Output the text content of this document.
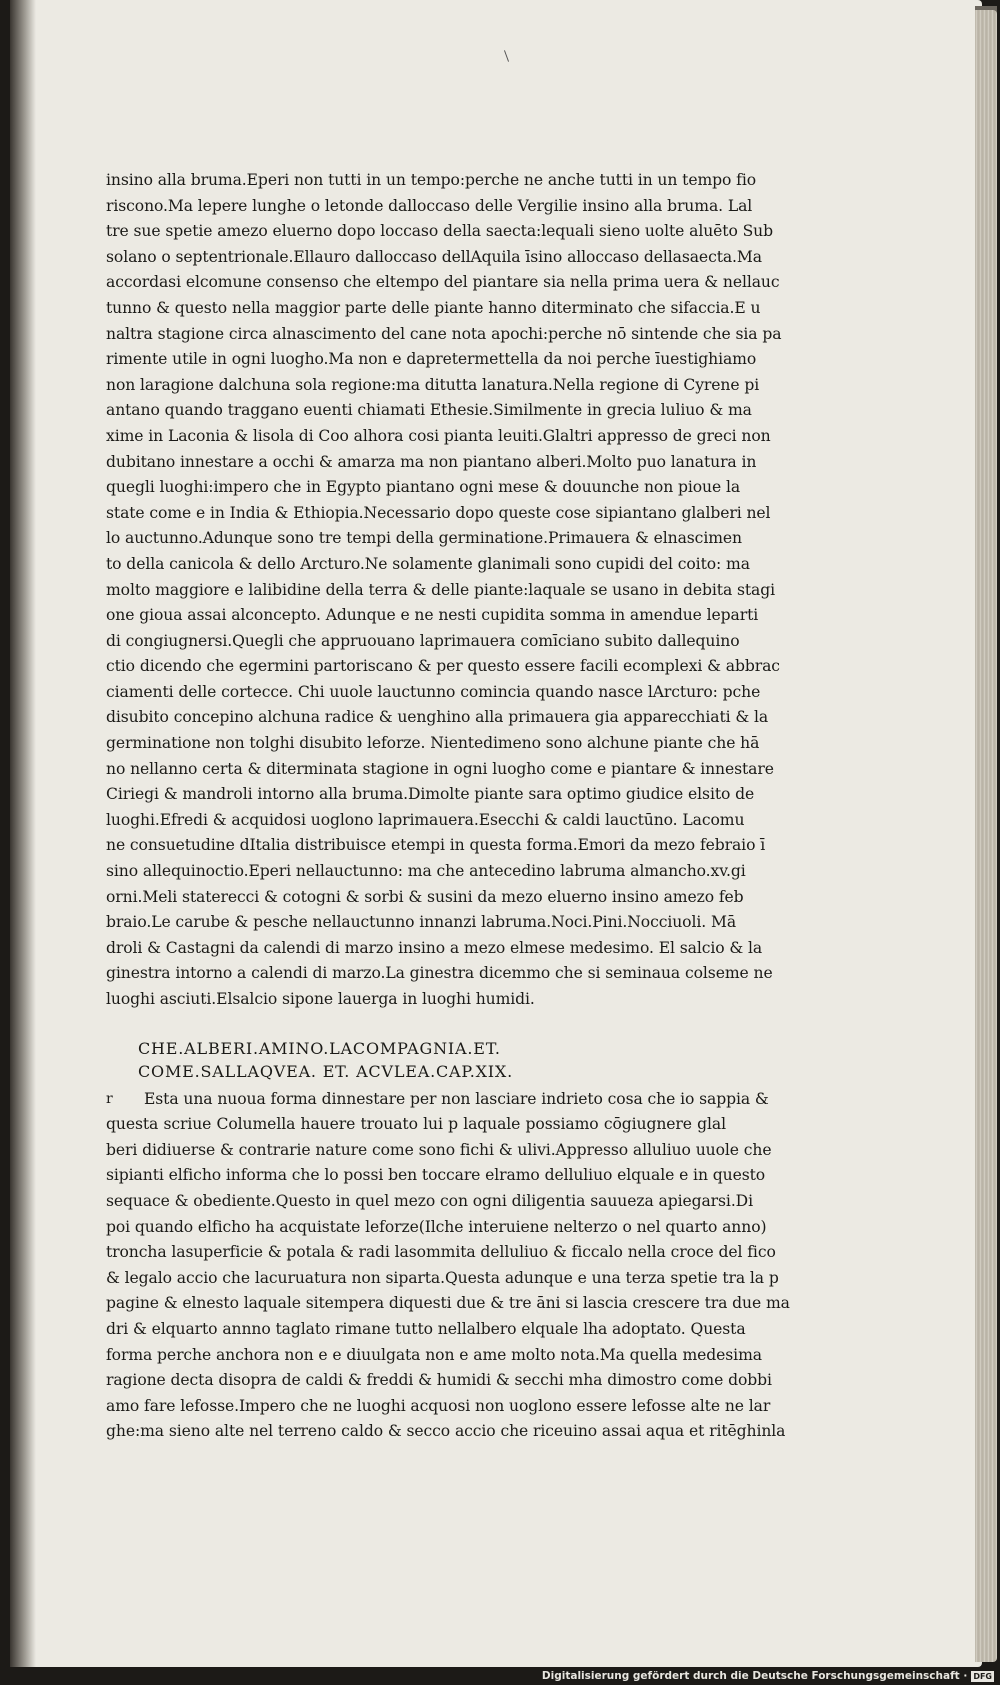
insino alla bruma.Eperi non tutti in un tempo:perche ne anche tutti in un tempo fio
riscono.Ma lepere lunghe o letonde dalloccaso delle Vergilie insino alla bruma. Lal
tre sue spetie amezo eluerno dopo loccaso della saecta:lequali sieno uolte aluēto Sub
solano o septentrionale.Ellauro dalloccaso dellAquila īsino alloccaso dellasaecta.Ma
accordasi elcomune consenso che eltempo del piantare sia nella prima uera & nellauc
tunno & questo nella maggior parte delle piante hanno diterminato che sifaccia.E u
naltra stagione circa alnascimento del cane nota apochi:perche nō sintende che sia pa
rimente utile in ogni luogho.Ma non e dapretermettella da noi perche īuestighiamo
non laragione dalchuna sola regione:ma ditutta lanatura.Nella regione di Cyrene pi
antano quando traggano euenti chiamati Ethesie.Similmente in grecia luliuo & ma
xime in Laconia & lisola di Coo alhora cosi pianta leuiti.Glaltri appresso de greci non
dubitano innestare a occhi & amarza ma non piantano alberi.Molto puo lanatura in
quegli luoghi:impero che in Egypto piantano ogni mese & douunche non pioue la
state come e in India & Ethiopia.Necessario dopo queste cose sipiantano glalberi nel
lo auctunno.Adunque sono tre tempi della germinatione.Primauera & elnascimen
to della canicola & dello Arcturo.Ne solamente glanimali sono cupidi del coito: ma
molto maggiore e lalibidine della terra & delle piante:laquale se usano in debita stagi
one giouа assai alconcepto. Adunque e ne nesti cupidita somma in amendue leparti
di congiugnersi.Quegli che appruouano laprimauera comīciano subito dallequino
ctio dicendo che egermini partoriscano & per questo essere facili ecomplexi & abbrac
ciamenti delle cortecce. Chi uuole lauctunno comincia quando nasce lArcturo: pche
disubito concepino alchuna radice & uenghino alla primauera gia apparecchiati & la
germinatione non tolghi disubito leforze. Nientedimeno sono alchune piante che hā
no nellanno certa & diterminata stagione in ogni luogho come e piantare & innestare
Ciriegi & mandroli intorno alla bruma.Dimolte piante sara optimo giudice elsito de
luoghi.Efredi & acquidosi uoglono laprimauera.Esecchi & caldi lauctūno. Lacomu
ne consuetudine dItalia distribuisce etempi in questa forma.Emori da mezo febraio ī
sino allequinoctio.Eperi nellauctunno: ma che antecedino labruma almancho.xv.gi
orni.Meli staterecci & cotogni & sorbi & susini da mezo eluerno insino amezo feb
braio.Le carube & pesche nellauctunno innanzi labruma.Noci.Pini.Nocciuoli. Mā
droli & Castagni da calendi di marzo insino a mezo elmese medesimo. El salcio & la
ginestra intorno a calendi di marzo.La ginestra dicemmo che si seminaua colseme ne
luoghi asciuti.Elsalcio sipone lauerga in luoghi humidi.
CHE.ALBERI.AMINO.LACOMPAGNIA.ET.
COME.SALLAQVEA. ET. ACVLEA.CAP.XIX.
r	Esta una nuoua forma dinnestare per non lasciare indrieto cosa che io sappia &
questa scriue Columella hauere trouato lui p laquale possiamo cōgiugnere glal
beri didiuerse & contrarie nature come sono fichi & ulivi.Appresso alluliuo uuole che
sipianti elficho informa che lo possi ben toccare elramo delluliuo elquale e in questo
sequace & obediente.Questo in quel mezo con ogni diligentia sauueza apiegarsi.Di
poi quando elficho ha acquistate leforze(Ilche interuiene nelterzo o nel quarto anno)
troncha lasuperficie & potala & radi lasommita delluliuo & ficcalo nella croce del fico
& legalo accio che lacuruatura non siparta.Questa adunque e una terza spetie tra la p
pagine & elnesto laquale sitempera diquesti due & tre āni si lascia crescere tra due ma
dri & elquarto annno taglato rimane tutto nellalbero elquale lha adoptato. Questa
forma perche anchora non e e diuulgata non e ame molto nota.Ma quella medesima
ragione decta disopra de caldi & freddi & humidi & secchi mha dimostro come dobbi
amo fare lefosse.Impero che ne luoghi acquosi non uoglono essere lefosse alte ne lar
ghe:ma sieno alte nel terreno caldo & secco accio che riceuino assai aqua et ritēghinla
Digitalisierung gefördert durch die Deutsche Forschungsgemeinschaft · DFG
